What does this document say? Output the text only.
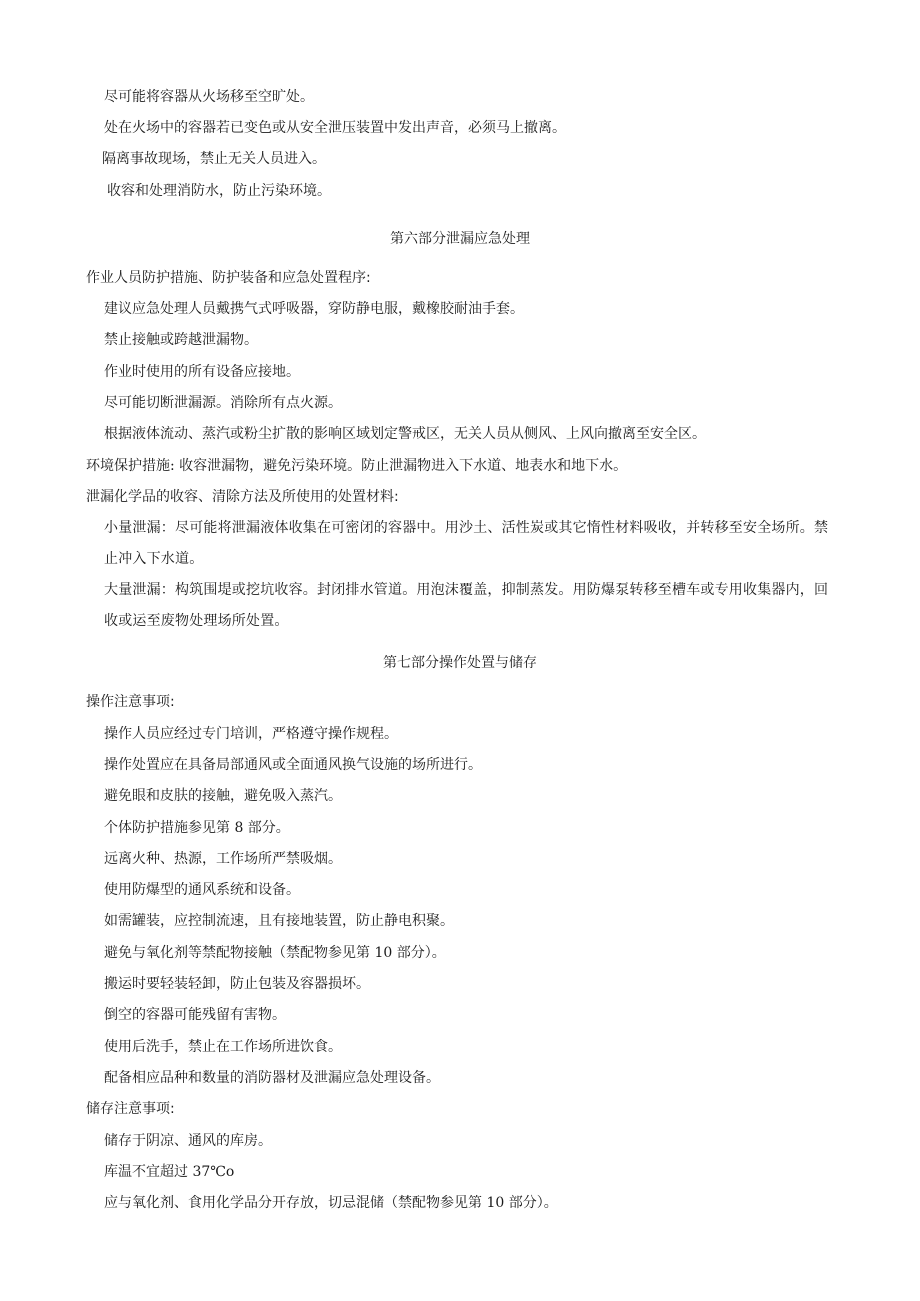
尽可能将容器从火场移至空旷处。
处在火场中的容器若已变色或从安全泄压装置中发出声音，必须马上撤离。
隔离事故现场，禁止无关人员进入。
收容和处理消防水，防止污染环境。
第六部分泄漏应急处理
作业人员防护措施、防护装备和应急处置程序:
建议应急处理人员戴携气式呼吸器，穿防静电服，戴橡胶耐油手套。
禁止接触或跨越泄漏物。
作业时使用的所有设备应接地。
尽可能切断泄漏源。消除所有点火源。
根据液体流动、蒸汽或粉尘扩散的影响区域划定警戒区，无关人员从侧风、上风向撤离至安全区。
环境保护措施: 收容泄漏物，避免污染环境。防止泄漏物进入下水道、地表水和地下水。
泄漏化学品的收容、清除方法及所使用的处置材料:
小量泄漏：尽可能将泄漏液体收集在可密闭的容器中。用沙土、活性炭或其它惰性材料吸收，并转移至安全场所。禁止冲入下水道。
大量泄漏：构筑围堤或挖坑收容。封闭排水管道。用泡沫覆盖，抑制蒸发。用防爆泵转移至槽车或专用收集器内，回收或运至废物处理场所处置。
第七部分操作处置与储存
操作注意事项:
操作人员应经过专门培训，严格遵守操作规程。
操作处置应在具备局部通风或全面通风换气设施的场所进行。
避免眼和皮肤的接触，避免吸入蒸汽。
个体防护措施参见第 8 部分。
远离火种、热源，工作场所严禁吸烟。
使用防爆型的通风系统和设备。
如需罐装，应控制流速，且有接地装置，防止静电积聚。
避免与氧化剂等禁配物接触（禁配物参见第 10 部分）。
搬运时要轻装轻卸，防止包装及容器损坏。
倒空的容器可能残留有害物。
使用后洗手，禁止在工作场所进饮食。
配备相应品种和数量的消防器材及泄漏应急处理设备。
储存注意事项:
储存于阴凉、通风的库房。
库温不宜超过 37℃o
应与氧化剂、食用化学品分开存放，切忌混储（禁配物参见第 10 部分）。
